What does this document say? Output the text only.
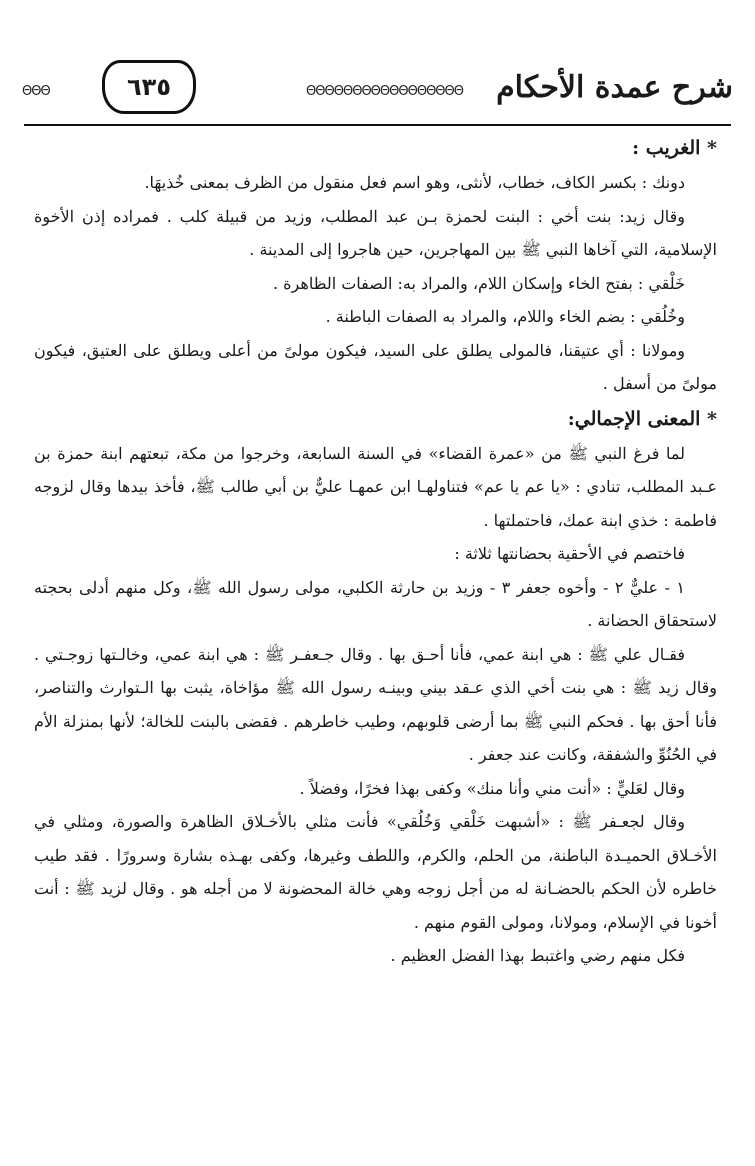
شرح عمدة الأحكام
ΘΘΘΘΘΘΘΘΘΘΘΘΘΘΘΘΘ
٦٣٥
ΘΘΘ

* الغريب :

دونك : بكسر الكاف، خطاب، لأنثى، وهو اسم فعل منقول من الظرف بمعنى خُذيهَا.

وقال زيد: بنت أخي : البنت لحمزة بـن عبد المطلب، وزيد من قبيلة كلب . فمراده إذن الأخوة الإسلامية، التي آخاها النبي ﷺ بين المهاجرين، حين هاجروا إلى المدينة .

خَلْقي : بفتح الخاء وإسكان اللام، والمراد به: الصفات الظاهرة .

وخُلُقي : بضم الخاء واللام، والمراد به الصفات الباطنة .

ومولانا : أي عتيقنا، فالمولى يطلق على السيد، فيكون مولىً من أعلى ويطلق على العتيق، فيكون مولىً من أسفل .

* المعنى الإجمالي:

لما فرغ النبي ﷺ من «عمرة القضاء» في السنة السابعة، وخرجوا من مكة، تبعتهم ابنة حمزة بن عـبد المطلب، تنادي : «يا عم يا عم» فتناولهـا ابن عمهـا عليٌّ بن أبي طالب ﷺ، فأخذ بيدها وقال لزوجه فاطمة : خذي ابنة عمك، فاحتملتها .

فاختصم في الأحقية بحضانتها ثلاثة :

١ - عليٌّ ٢ - وأخوه جعفر ٣ - وزيد بن حارثة الكلبي، مولى رسول الله ﷺ، وكل منهم أدلى بحجته لاستحقاق الحضانة .

فقـال علي ﷺ : هي ابنة عمي، فأنا أحـق بها . وقال جـعفـر ﷺ : هي ابنة عمي، وخالـتها زوجـتي . وقال زيد ﷺ : هي بنت أخي الذي عـقد بيني وبينـه رسول الله ﷺ مؤاخاة، يثبت بها الـتوارث والتناصر، فأنا أحق بها . فحكم النبي ﷺ بما أرضى قلوبهم، وطيب خاطرهم . فقضى بالبنت للخالة؛ لأنها بمنزلة الأم في الحُنُوِّ والشفقة، وكانت عند جعفر .

وقال لعَليٍّ : «أنت مني وأنا منك» وكفى بهذا فخرًا، وفضلاً .

وقال لجعـفر ﷺ : «أشبهت خَلْقي وَخُلُقي» فأنت مثلي بالأخـلاق الظاهرة والصورة، ومثلي في الأخـلاق الحميـدة الباطنة، من الحلم، والكرم، واللطف وغيرها، وكفى بهـذه بشارة وسرورًا . فقد طيب خاطره لأن الحكم بالحضـانة له من أجل زوجه وهي خالة المحضونة لا من أجله هو . وقال لزيد ﷺ : أنت أخونا في الإسلام، ومولانا، ومولى القوم منهم .

فكل منهم رضي واغتبط بهذا الفضل العظيم .
